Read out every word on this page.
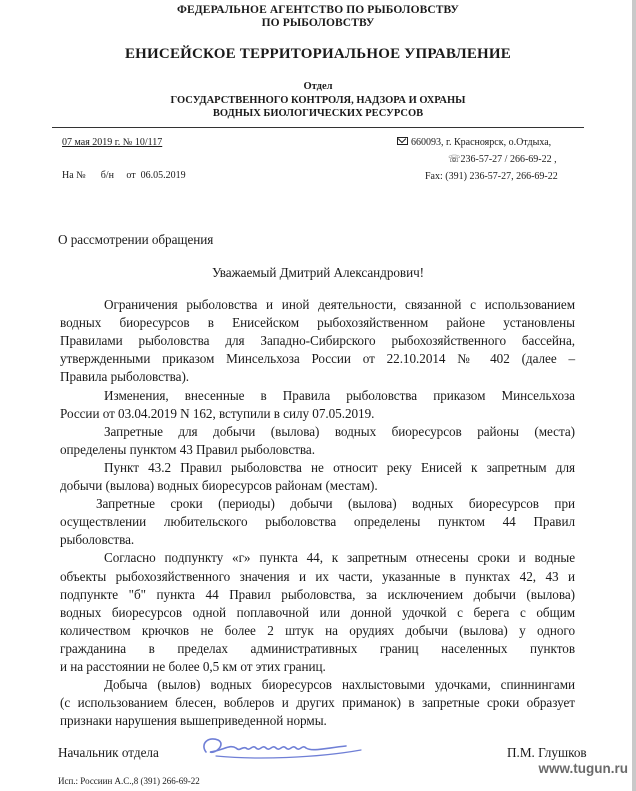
ФЕДЕРАЛЬНОЕ АГЕНТСТВО ПО РЫБОЛОВСТВУ
ПО РЫБОЛОВСТВУ
ЕНИСЕЙСКОЕ ТЕРРИТОРИАЛЬНОЕ УПРАВЛЕНИЕ
Отдел
ГОСУДАРСТВЕННОГО КОНТРОЛЯ, НАДЗОРА И ОХРАНЫ
ВОДНЫХ БИОЛОГИЧЕСКИХ РЕСУРСОВ
07 мая 2019 г. № 10/117
На №      б/н     от  06.05.2019
660093, г. Красноярск, о.Отдыха,
☏236-57-27 / 266-69-22 ,
Fax: (391) 236-57-27, 266-69-22
О рассмотрении обращения
Уважаемый Дмитрий Александрович!
Ограничения рыболовства и иной деятельности, связанной с использованием
водных биоресурсов в Енисейском рыбохозяйственном районе установлены
Правилами рыболовства для Западно-Сибирского рыбохозяйственного бассейна,
утвержденными приказом Минсельхоза России от 22.10.2014 № 402 (далее –
Правила рыболовства).
Изменения, внесенные в Правила рыболовства приказом Минсельхоза
России от 03.04.2019 N 162, вступили в силу 07.05.2019.
Запретные для добычи (вылова) водных биоресурсов районы (места)
определены пунктом 43 Правил рыболовства.
Пункт 43.2 Правил рыболовства не относит реку Енисей к запретным для
добычи (вылова) водных биоресурсов районам (местам).
Запретные сроки (периоды) добычи (вылова) водных биоресурсов при
осуществлении любительского рыболовства определены пунктом 44 Правил
рыболовства.
Согласно подпункту «г» пункта 44, к запретным отнесены сроки и водные
объекты рыбохозяйственного значения и их части, указанные в пунктах 42, 43 и
подпункте "б" пункта 44 Правил рыболовства, за исключением добычи (вылова)
водных биоресурсов одной поплавочной или донной удочкой с берега с общим
количеством крючков не более 2 штук на орудиях добычи (вылова) у одного
гражданина в пределах административных границ населенных пунктов
и на расстоянии не более 0,5 км от этих границ.
Добыча (вылов) водных биоресурсов нахлыстовыми удочками, спиннингами
(с использованием блесен, воблеров и других приманок) в запретные сроки образует
признаки нарушения вышеприведенной нормы.
Начальник отдела	П.М. Глушков
Исп.: Россиин А.С.,8 (391) 266-69-22
www.tugun.ru
